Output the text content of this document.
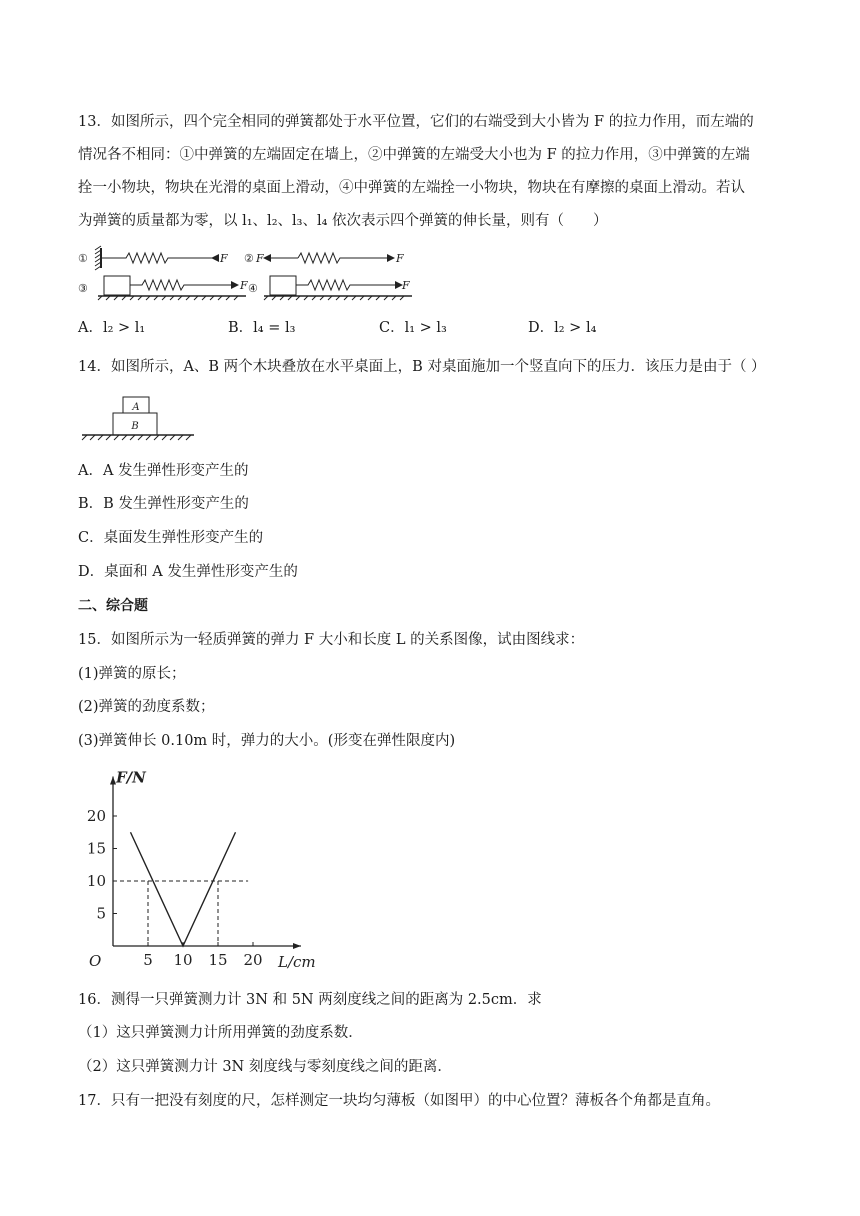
13．如图所示，四个完全相同的弹簧都处于水平位置，它们的右端受到大小皆为 F 的拉力作用，而左端的
情况各不相同：①中弹簧的左端固定在墙上，②中弹簧的左端受大小也为 F 的拉力作用，③中弹簧的左端
拴一小物块，物块在光滑的桌面上滑动，④中弹簧的左端拴一小物块，物块在有摩擦的桌面上滑动。若认
为弹簧的质量都为零，以 l₁、l₂、l₃、l₄ 依次表示四个弹簧的伸长量，则有（　　）
①	F ② F	F
③	F ④	F
A．l₂ > l₁	B．l₄ = l₃	C．l₁ > l₃	D．l₂ > l₄
14．如图所示，A、B 两个木块叠放在水平桌面上，B 对桌面施加一个竖直向下的压力．该压力是由于（ ）
A
B
A．A 发生弹性形变产生的
B．B 发生弹性形变产生的
C．桌面发生弹性形变产生的
D．桌面和 A 发生弹性形变产生的
二、综合题
15．如图所示为一轻质弹簧的弹力 F 大小和长度 L 的关系图像，试由图线求：
(1)弹簧的原长；
(2)弹簧的劲度系数；
(3)弹簧伸长 0.10m 时，弹力的大小。(形变在弹性限度内)
5 10 15 20
5
10
15
20
O	L/cm
F/N
16．测得一只弹簧测力计 3N 和 5N 两刻度线之间的距离为 2.5cm．求
（1）这只弹簧测力计所用弹簧的劲度系数．
（2）这只弹簧测力计 3N 刻度线与零刻度线之间的距离．
17．只有一把没有刻度的尺，怎样测定一块均匀薄板（如图甲）的中心位置？薄板各个角都是直角。
